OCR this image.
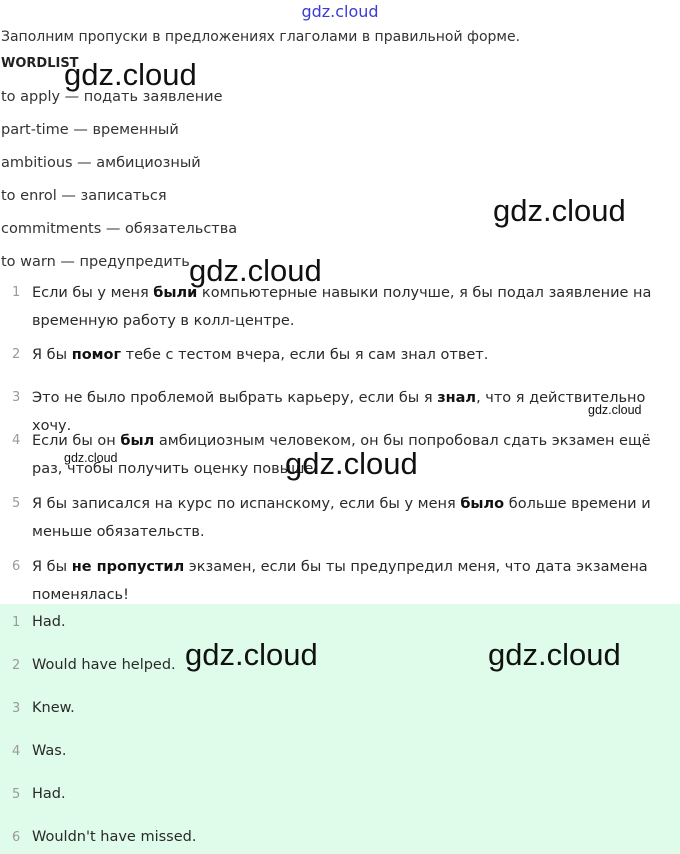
gdz.cloud
Заполним пропуски в предложениях глаголами в правильной форме.
WORDLIST
to apply — подать заявление
part-time — временный
ambitious — амбициозный
to enrol — записаться
commitments — обязательства
to warn — предупредить
1 Если бы у меня были компьютерные навыки получше, я бы подал заявление на временную работу в колл-центре.
2 Я бы помог тебе с тестом вчера, если бы я сам знал ответ.
3 Это не было проблемой выбрать карьеру, если бы я знал, что я действительно хочу.
4 Если бы он был амбициозным человеком, он бы попробовал сдать экзамен ещё раз, чтобы получить оценку повыше.
5 Я бы записался на курс по испанскому, если бы у меня было больше времени и меньше обязательств.
6 Я бы не пропустил экзамен, если бы ты предупредил меня, что дата экзамена поменялась!
1 Had.
2 Would have helped.
3 Knew.
4 Was.
5 Had.
6 Wouldn't have missed.
gdz.cloud
gdz.cloud
gdz.cloud
gdz.cloud
gdz.cloud	gdz.cloud
gdz.cloud	gdz.cloud
